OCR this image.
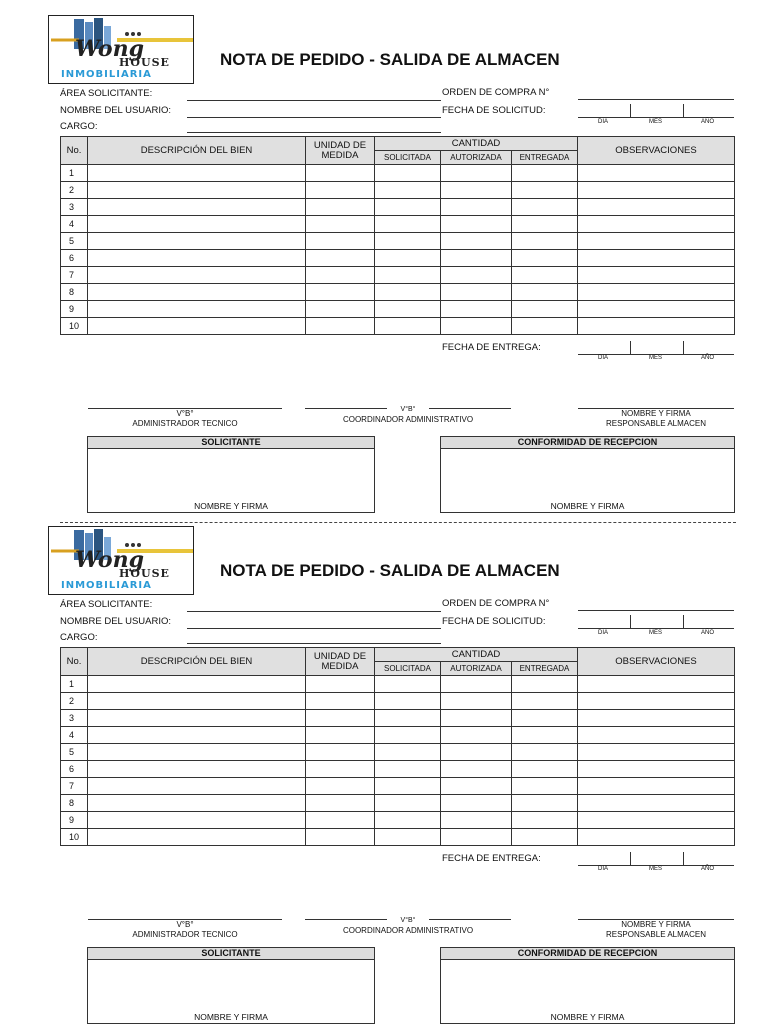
Wong
HOUSE
INMOBILIARIA
NOTA DE PEDIDO - SALIDA DE ALMACEN
ÁREA SOLICITANTE:	ORDEN DE COMPRA N°
NOMBRE DEL USUARIO:	FECHA DE SOLICITUD:
DIA	MES	AÑO
CARGO:
No.	DESCRIPCIÓN DEL BIEN	UNIDAD DE MEDIDA	CANTIDAD			OBSERVACIONES
			SOLICITADA	AUTORIZADA	ENTREGADA	
1						
2						
3						
4						
5						
6						
7						
8						
9						
10						
FECHA DE ENTREGA:
DIA	MES	AÑO
V°B°
ADMINISTRADOR TECNICO
V°B°
COORDINADOR ADMINISTRATIVO
NOMBRE Y FIRMA
RESPONSABLE ALMACEN
SOLICITANTE
NOMBRE Y FIRMA
CONFORMIDAD DE RECEPCION
NOMBRE Y FIRMA
Wong
HOUSE
INMOBILIARIA
NOTA DE PEDIDO - SALIDA DE ALMACEN
ÁREA SOLICITANTE:	ORDEN DE COMPRA N°
NOMBRE DEL USUARIO:	FECHA DE SOLICITUD:
DIA	MES	AÑO
CARGO:
No.	DESCRIPCIÓN DEL BIEN	UNIDAD DE MEDIDA	CANTIDAD			OBSERVACIONES
			SOLICITADA	AUTORIZADA	ENTREGADA	
1						
2						
3						
4						
5						
6						
7						
8						
9						
10						
FECHA DE ENTREGA:
DIA	MES	AÑO
V°B°
ADMINISTRADOR TECNICO
V°B°
COORDINADOR ADMINISTRATIVO
NOMBRE Y FIRMA
RESPONSABLE ALMACEN
SOLICITANTE
NOMBRE Y FIRMA
CONFORMIDAD DE RECEPCION
NOMBRE Y FIRMA
